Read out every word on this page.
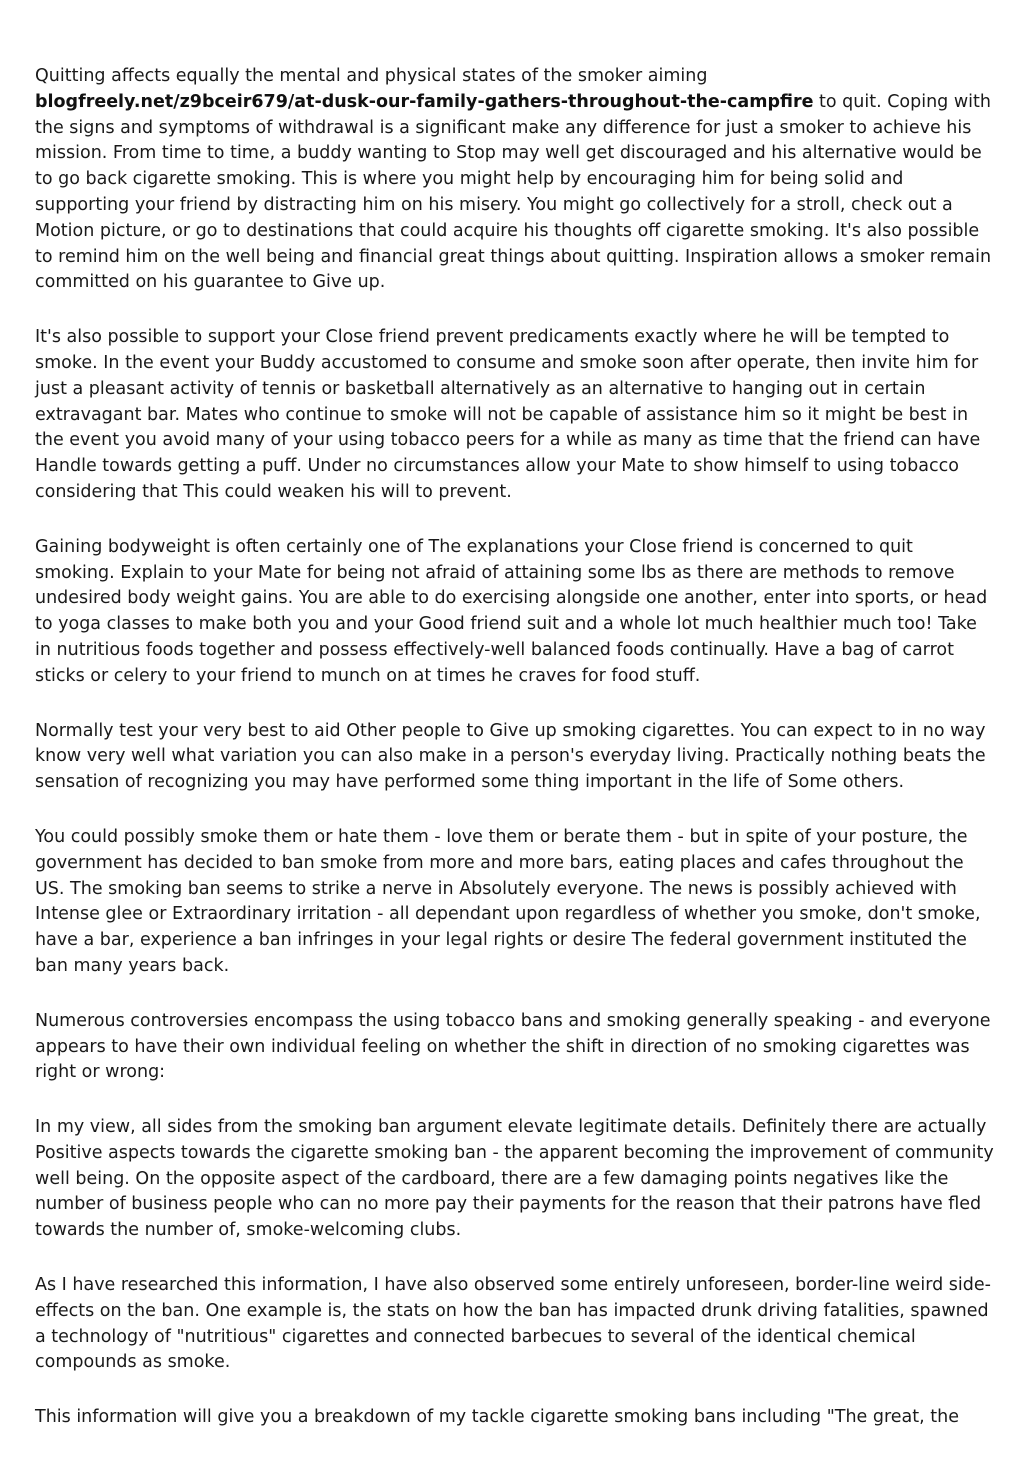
Quitting affects equally the mental and physical states of the smoker aiming blogfreely.net/z9bceir679/at-dusk-our-family-gathers-throughout-the-campfire to quit. Coping with the signs and symptoms of withdrawal is a significant make any difference for just a smoker to achieve his mission. From time to time, a buddy wanting to Stop may well get discouraged and his alternative would be to go back cigarette smoking. This is where you might help by encouraging him for being solid and supporting your friend by distracting him on his misery. You might go collectively for a stroll, check out a Motion picture, or go to destinations that could acquire his thoughts off cigarette smoking. It's also possible to remind him on the well being and financial great things about quitting. Inspiration allows a smoker remain committed on his guarantee to Give up.

It's also possible to support your Close friend prevent predicaments exactly where he will be tempted to smoke. In the event your Buddy accustomed to consume and smoke soon after operate, then invite him for just a pleasant activity of tennis or basketball alternatively as an alternative to hanging out in certain extravagant bar. Mates who continue to smoke will not be capable of assistance him so it might be best in the event you avoid many of your using tobacco peers for a while as many as time that the friend can have Handle towards getting a puff. Under no circumstances allow your Mate to show himself to using tobacco considering that This could weaken his will to prevent.

Gaining bodyweight is often certainly one of The explanations your Close friend is concerned to quit smoking. Explain to your Mate for being not afraid of attaining some lbs as there are methods to remove undesired body weight gains. You are able to do exercising alongside one another, enter into sports, or head to yoga classes to make both you and your Good friend suit and a whole lot much healthier much too! Take in nutritious foods together and possess effectively-well balanced foods continually. Have a bag of carrot sticks or celery to your friend to munch on at times he craves for food stuff.

Normally test your very best to aid Other people to Give up smoking cigarettes. You can expect to in no way know very well what variation you can also make in a person's everyday living. Practically nothing beats the sensation of recognizing you may have performed some thing important in the life of Some others.

You could possibly smoke them or hate them - love them or berate them - but in spite of your posture, the government has decided to ban smoke from more and more bars, eating places and cafes throughout the US. The smoking ban seems to strike a nerve in Absolutely everyone. The news is possibly achieved with Intense glee or Extraordinary irritation - all dependant upon regardless of whether you smoke, don't smoke, have a bar, experience a ban infringes in your legal rights or desire The federal government instituted the ban many years back.

Numerous controversies encompass the using tobacco bans and smoking generally speaking - and everyone appears to have their own individual feeling on whether the shift in direction of no smoking cigarettes was right or wrong:

In my view, all sides from the smoking ban argument elevate legitimate details. Definitely there are actually Positive aspects towards the cigarette smoking ban - the apparent becoming the improvement of community well being. On the opposite aspect of the cardboard, there are a few damaging points negatives like the number of business people who can no more pay their payments for the reason that their patrons have fled towards the number of, smoke-welcoming clubs.

As I have researched this information, I have also observed some entirely unforeseen, border-line weird side-effects on the ban. One example is, the stats on how the ban has impacted drunk driving fatalities, spawned a technology of "nutritious" cigarettes and connected barbecues to several of the identical chemical compounds as smoke.

This information will give you a breakdown of my tackle cigarette smoking bans including "The great, the
